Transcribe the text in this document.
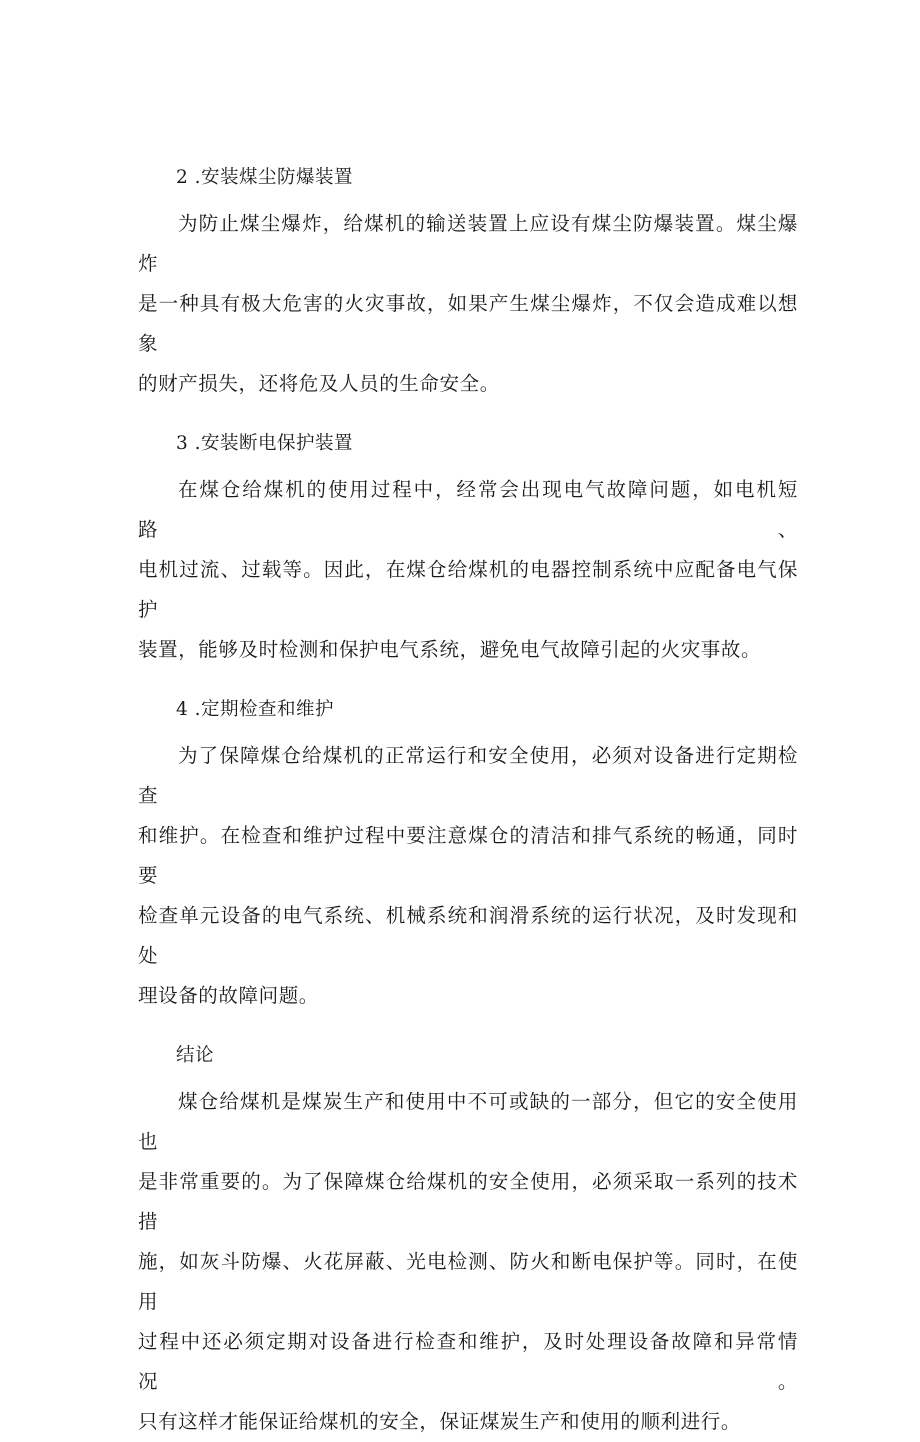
2 .安装煤尘防爆装置
为防止煤尘爆炸，给煤机的输送装置上应设有煤尘防爆装置。煤尘爆炸
是一种具有极大危害的火灾事故，如果产生煤尘爆炸，不仅会造成难以想象
的财产损失，还将危及人员的生命安全。
3 .安装断电保护装置
在煤仓给煤机的使用过程中，经常会出现电气故障问题，如电机短路、
电机过流、过载等。因此，在煤仓给煤机的电器控制系统中应配备电气保护
装置，能够及时检测和保护电气系统，避免电气故障引起的火灾事故。
4 .定期检查和维护
为了保障煤仓给煤机的正常运行和安全使用，必须对设备进行定期检查
和维护。在检查和维护过程中要注意煤仓的清洁和排气系统的畅通，同时要
检查单元设备的电气系统、机械系统和润滑系统的运行状况，及时发现和处
理设备的故障问题。
结论
煤仓给煤机是煤炭生产和使用中不可或缺的一部分，但它的安全使用也
是非常重要的。为了保障煤仓给煤机的安全使用，必须采取一系列的技术措
施，如灰斗防爆、火花屏蔽、光电检测、防火和断电保护等。同时，在使用
过程中还必须定期对设备进行检查和维护，及时处理设备故障和异常情况。
只有这样才能保证给煤机的安全，保证煤炭生产和使用的顺利进行。
